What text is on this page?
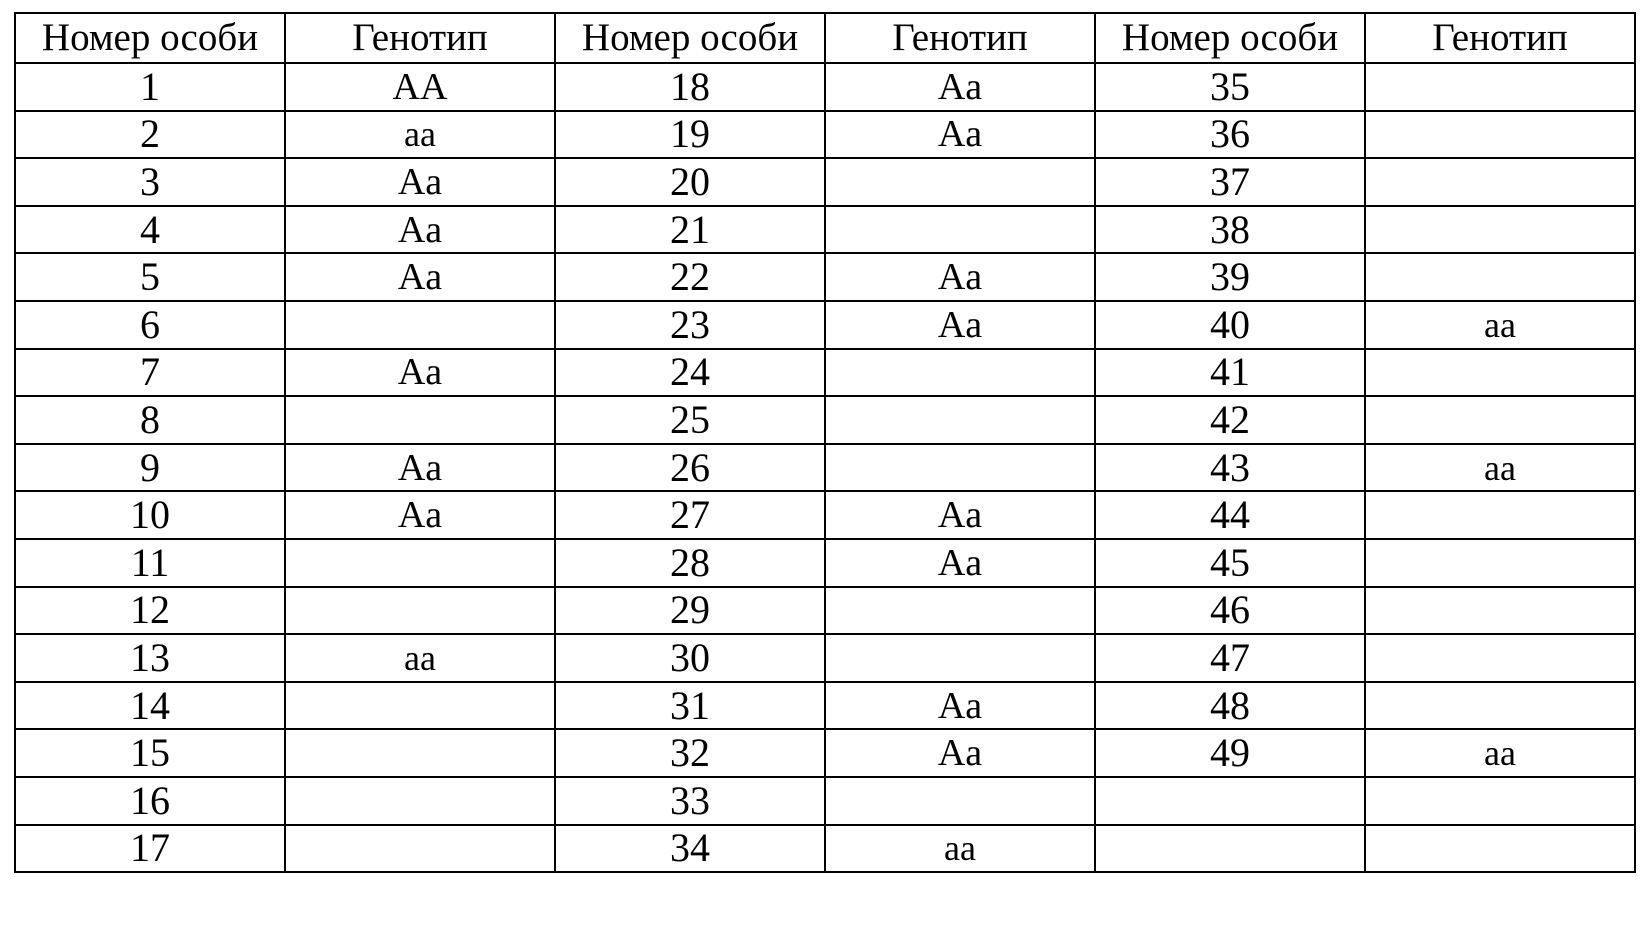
Номер особи	Генотип	Номер особи	Генотип	Номер особи	Генотип
1	AA	18	Aa	35	
2	aa	19	Aa	36	
3	Aa	20		37	
4	Aa	21		38	
5	Aa	22	Aa	39	
6		23	Aa	40	aa
7	Aa	24		41	
8		25		42	
9	Aa	26		43	aa
10	Aa	27	Aa	44	
11		28	Aa	45	
12		29		46	
13	aa	30		47	
14		31	Aa	48	
15		32	Aa	49	aa
16		33			
17		34	aa		
